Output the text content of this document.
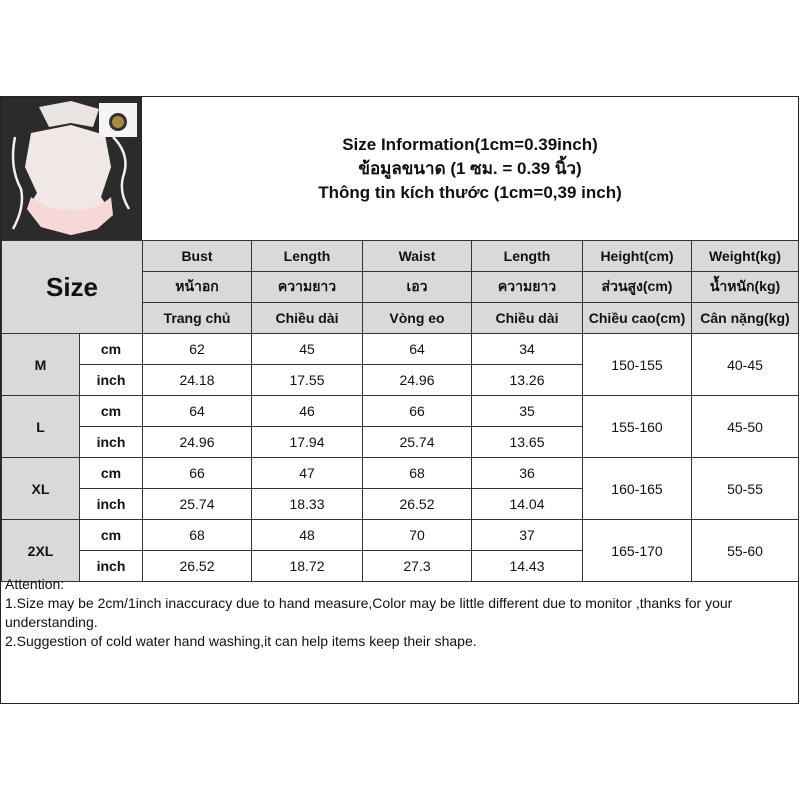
Size Information(1cm=0.39inch)
ข้อมูลขนาด (1 ซม. = 0.39 นิ้ว)
Thông tin kích thước (1cm=0,39 inch)
Size		Bust	Length	Waist	Length	Height(cm)	Weight(kg)
		หน้าอก	ความยาว	เอว	ความยาว	ส่วนสูง(cm)	น้ำหนัก(kg)
		Trang chủ	Chiều dài	Vòng eo	Chiều dài	Chiều cao(cm)	Cân nặng(kg)
M	cm	62	45	64	34	150-155	40-45
	inch	24.18	17.55	24.96	13.26		
L	cm	64	46	66	35	155-160	45-50
	inch	24.96	17.94	25.74	13.65		
XL	cm	66	47	68	36	160-165	50-55
	inch	25.74	18.33	26.52	14.04		
2XL	cm	68	48	70	37	165-170	55-60
	inch	26.52	18.72	27.3	14.43		
Attention:
1.Size may be 2cm/1inch inaccuracy due to hand measure,Color may be little different due to monitor ,thanks for your understanding.
2.Suggestion of cold water hand washing,it can help items keep their shape.
